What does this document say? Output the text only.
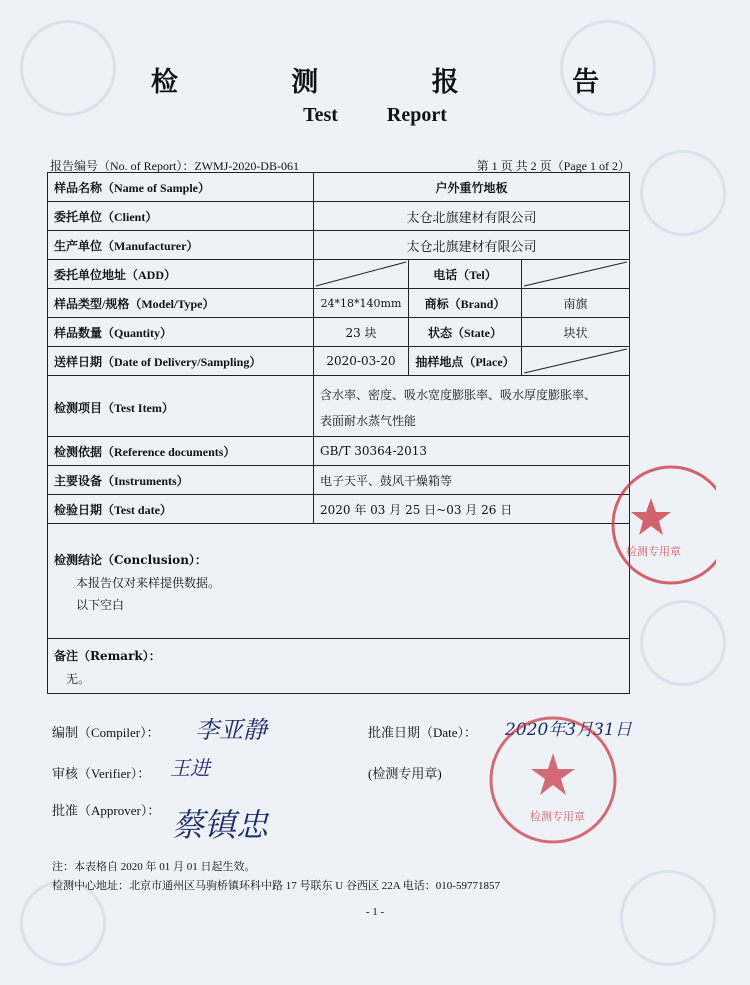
检 测 报 告
Test Report
报告编号（No. of Report）：ZWMJ-2020-DB-061	第 1 页 共 2 页（Page 1 of 2）
样品名称（Name of Sample）	户外重竹地板		
委托单位（Client）	太仓北旗建材有限公司		
生产单位（Manufacturer）	太仓北旗建材有限公司		
委托单位地址（ADD）		电话（Tel）	

样品类型/规格（Model/Type）	24*18*140mm	商标（Brand）	南旗
样品数量（Quantity）	23 块	状态（State）	块状
送样日期（Date of Delivery/Sampling）	2020-03-20	抽样地点（Place）	

检测项目（Test Item）	含水率、密度、吸水宽度膨胀率、吸水厚度膨胀率、
表面耐水蒸气性能		

检测依据（Reference documents）	GB/T 30364-2013		
主要设备（Instruments）	电子天平、鼓风干燥箱等		
检验日期（Test date）	2020 年 03 月 25 日~03 月 26 日		

检测结论（Conclusion）：
本报告仅对来样提供数据。
以下空白			

备注（Remark）：
无。			
编制（Compiler）： 李亚静	批准日期（Date）： 2020年3月31日
审核（Verifier）： 王进	(检测专用章)
批准（Approver）： 蔡镇忠
注：本表格自 2020 年 01 月 01 日起生效。
检测中心地址：北京市通州区马驹桥镇环科中路 17 号联东 U 谷西区 22A 电话：010-59771857
- 1 -
检测专用章
检测专用章
